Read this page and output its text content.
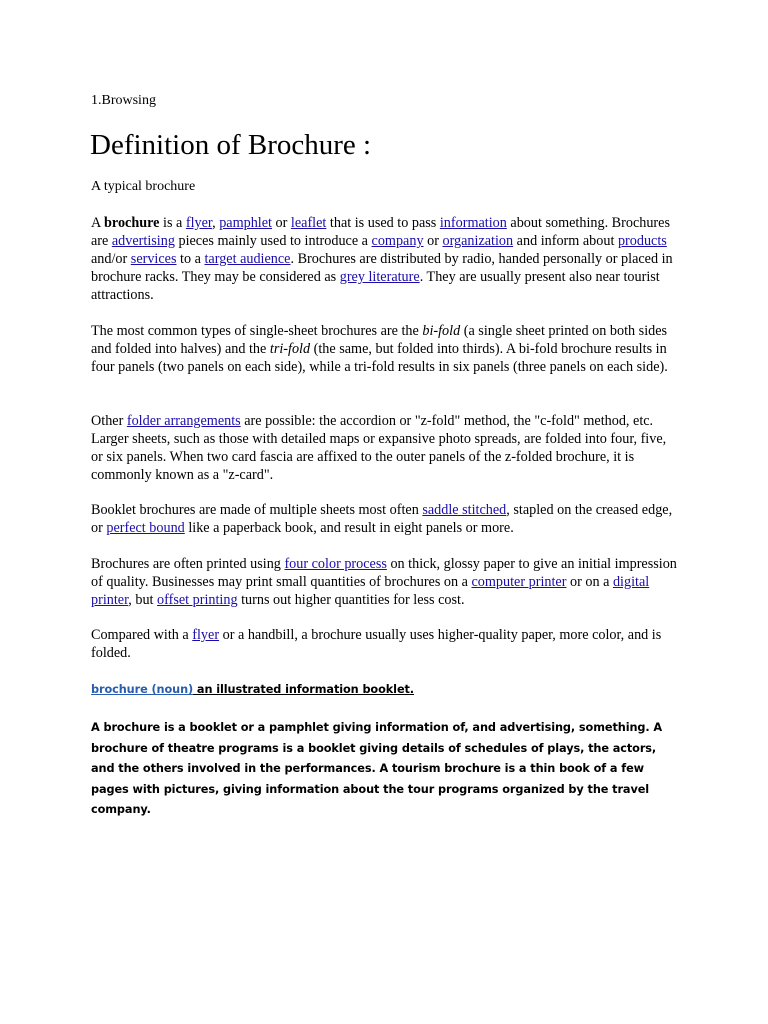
1.Browsing

Definition of Brochure :

A typical brochure

A brochure is a flyer, pamphlet or leaflet that is used to pass information about something. Brochures are advertising pieces mainly used to introduce a company or organization and inform about products and/or services to a target audience. Brochures are distributed by radio, handed personally or placed in brochure racks. They may be considered as grey literature. They are usually present also near tourist attractions.

The most common types of single-sheet brochures are the bi-fold (a single sheet printed on both sides and folded into halves) and the tri-fold (the same, but folded into thirds). A bi-fold brochure results in four panels (two panels on each side), while a tri-fold results in six panels (three panels on each side).

Other folder arrangements are possible: the accordion or "z-fold" method, the "c-fold" method, etc. Larger sheets, such as those with detailed maps or expansive photo spreads, are folded into four, five, or six panels. When two card fascia are affixed to the outer panels of the z-folded brochure, it is commonly known as a "z-card".

Booklet brochures are made of multiple sheets most often saddle stitched, stapled on the creased edge, or perfect bound like a paperback book, and result in eight panels or more.

Brochures are often printed using four color process on thick, glossy paper to give an initial impression of quality. Businesses may print small quantities of brochures on a computer printer or on a digital printer, but offset printing turns out higher quantities for less cost.

Compared with a flyer or a handbill, a brochure usually uses higher-quality paper, more color, and is folded.

brochure (noun) an illustrated information booklet.

A brochure is a booklet or a pamphlet giving information of, and advertising, something. A brochure of theatre programs is a booklet giving details of schedules of plays, the actors, and the others involved in the performances. A tourism brochure is a thin book of a few pages with pictures, giving information about the tour programs organized by the travel company.
